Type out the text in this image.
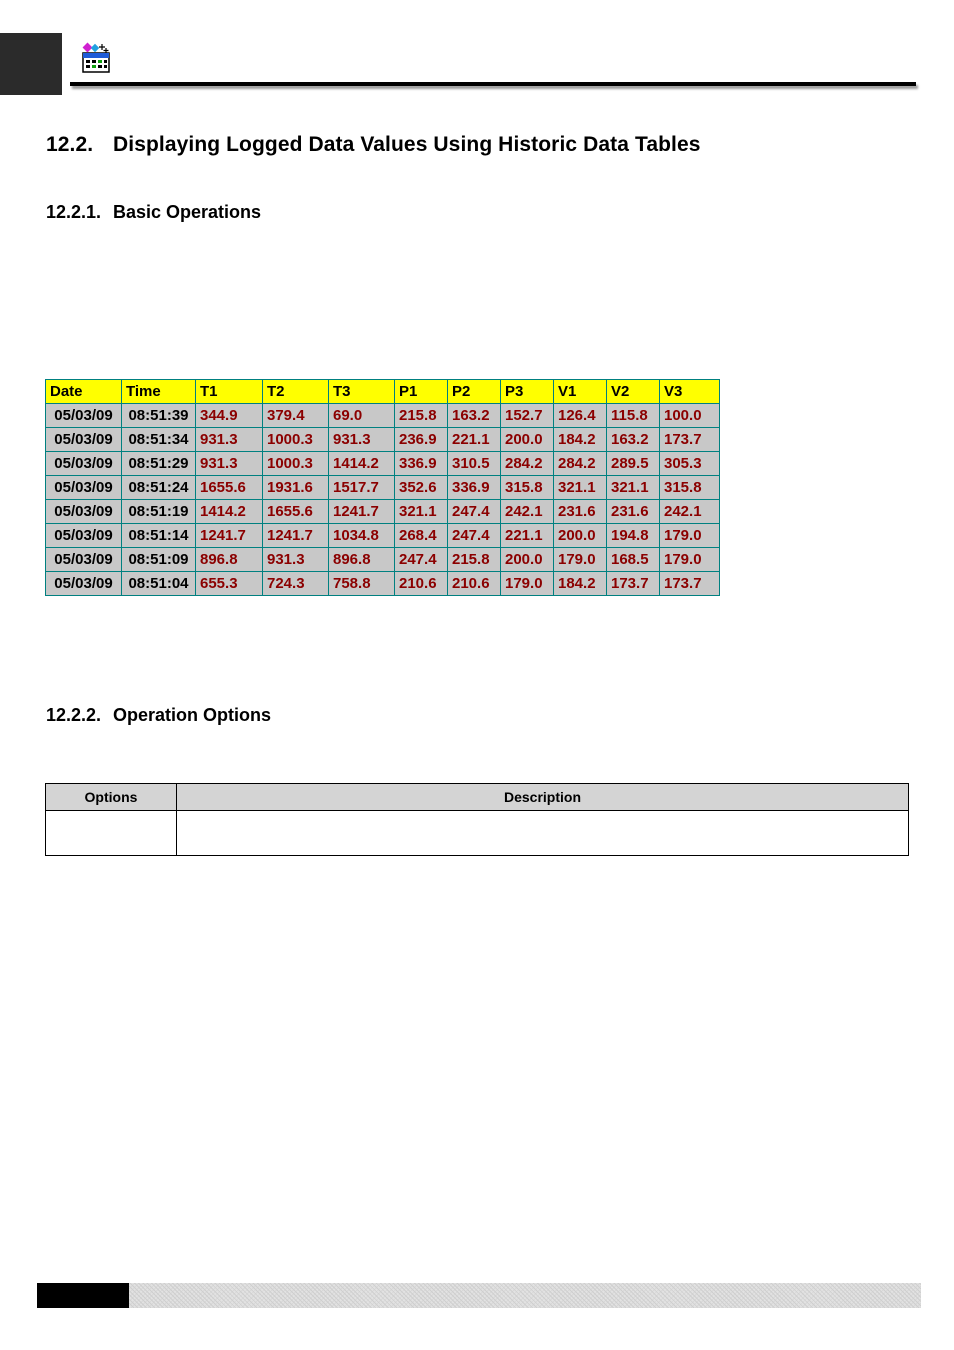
12.2. Displaying Logged Data Values Using Historic Data Tables
12.2.1. Basic Operations
Date	Time	T1	T2	T3	P1	P2	P3	V1	V2	V3
05/03/09	08:51:39	344.9	379.4	69.0	215.8	163.2	152.7	126.4	115.8	100.0
05/03/09	08:51:34	931.3	1000.3	931.3	236.9	221.1	200.0	184.2	163.2	173.7
05/03/09	08:51:29	931.3	1000.3	1414.2	336.9	310.5	284.2	284.2	289.5	305.3
05/03/09	08:51:24	1655.6	1931.6	1517.7	352.6	336.9	315.8	321.1	321.1	315.8
05/03/09	08:51:19	1414.2	1655.6	1241.7	321.1	247.4	242.1	231.6	231.6	242.1
05/03/09	08:51:14	1241.7	1241.7	1034.8	268.4	247.4	221.1	200.0	194.8	179.0
05/03/09	08:51:09	896.8	931.3	896.8	247.4	215.8	200.0	179.0	168.5	179.0
05/03/09	08:51:04	655.3	724.3	758.8	210.6	210.6	179.0	184.2	173.7	173.7
12.2.2. Operation Options
Options	Description
